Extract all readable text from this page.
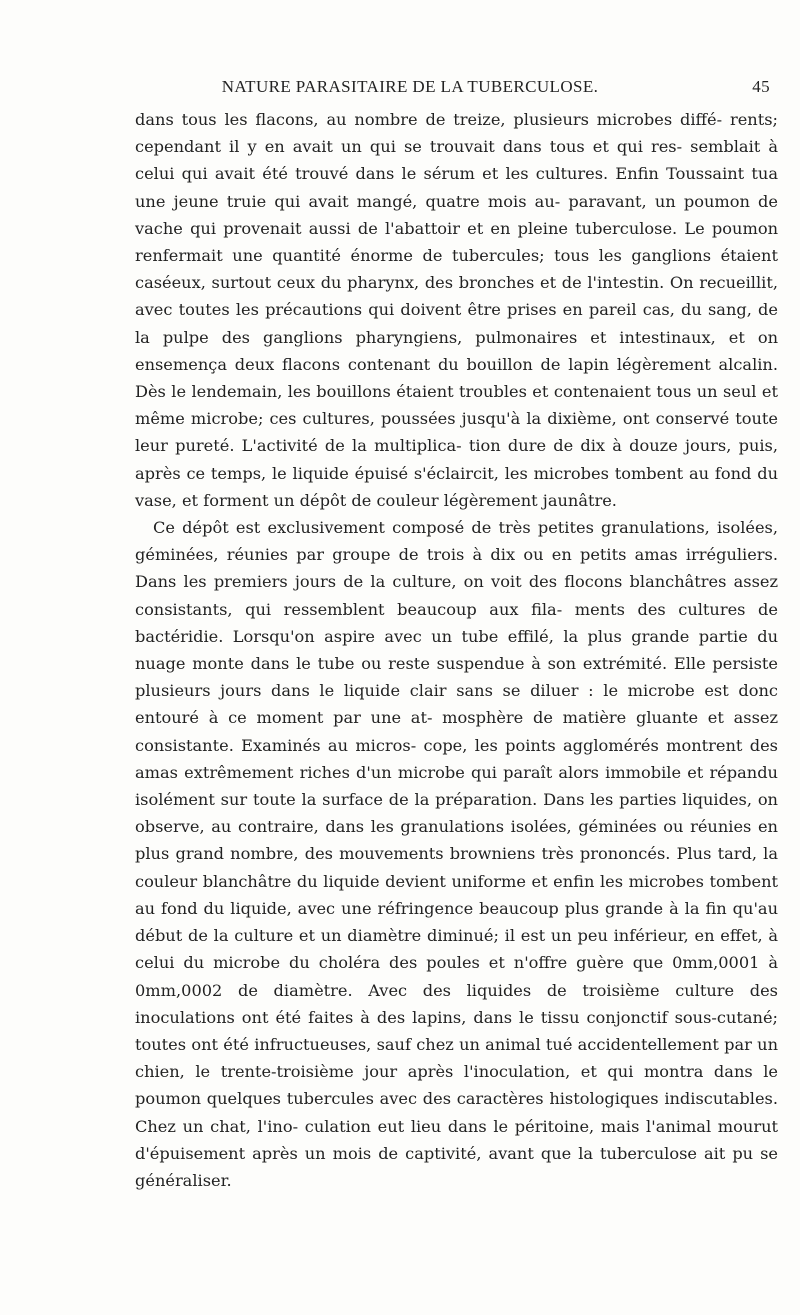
NATURE PARASITAIRE DE LA TUBERCULOSE.	45

dans tous les flacons, au nombre de treize, plusieurs microbes diffé- rents; cependant il y en avait un qui se trouvait dans tous et qui res- semblait à celui qui avait été trouvé dans le sérum et les cultures. Enfin Toussaint tua une jeune truie qui avait mangé, quatre mois au- paravant, un poumon de vache qui provenait aussi de l'abattoir et en pleine tuberculose. Le poumon renfermait une quantité énorme de tubercules; tous les ganglions étaient caséeux, surtout ceux du pharynx, des bronches et de l'intestin. On recueillit, avec toutes les précautions qui doivent être prises en pareil cas, du sang, de la pulpe des ganglions pharyngiens, pulmonaires et intestinaux, et on ensemença deux flacons contenant du bouillon de lapin légèrement alcalin. Dès le lendemain, les bouillons étaient troubles et contenaient tous un seul et même microbe; ces cultures, poussées jusqu'à la dixième, ont conservé toute leur pureté. L'activité de la multiplica- tion dure de dix à douze jours, puis, après ce temps, le liquide épuisé s'éclaircit, les microbes tombent au fond du vase, et forment un dépôt de couleur légèrement jaunâtre.

Ce dépôt est exclusivement composé de très petites granulations, isolées, géminées, réunies par groupe de trois à dix ou en petits amas irréguliers. Dans les premiers jours de la culture, on voit des flocons blanchâtres assez consistants, qui ressemblent beaucoup aux fila- ments des cultures de bactéridie. Lorsqu'on aspire avec un tube effilé, la plus grande partie du nuage monte dans le tube ou reste suspendue à son extrémité. Elle persiste plusieurs jours dans le liquide clair sans se diluer : le microbe est donc entouré à ce moment par une at- mosphère de matière gluante et assez consistante. Examinés au micros- cope, les points agglomérés montrent des amas extrêmement riches d'un microbe qui paraît alors immobile et répandu isolément sur toute la surface de la préparation. Dans les parties liquides, on observe, au contraire, dans les granulations isolées, géminées ou réunies en plus grand nombre, des mouvements browniens très prononcés. Plus tard, la couleur blanchâtre du liquide devient uniforme et enfin les microbes tombent au fond du liquide, avec une réfringence beaucoup plus grande à la fin qu'au début de la culture et un diamètre diminué; il est un peu inférieur, en effet, à celui du microbe du choléra des poules et n'offre guère que 0mm,0001 à 0mm,0002 de diamètre. Avec des liquides de troisième culture des inoculations ont été faites à des lapins, dans le tissu conjonctif sous-cutané; toutes ont été infructueuses, sauf chez un animal tué accidentellement par un chien, le trente-troisième jour après l'inoculation, et qui montra dans le poumon quelques tubercules avec des caractères histologiques indiscutables. Chez un chat, l'ino- culation eut lieu dans le péritoine, mais l'animal mourut d'épuisement après un mois de captivité, avant que la tuberculose ait pu se généraliser.
